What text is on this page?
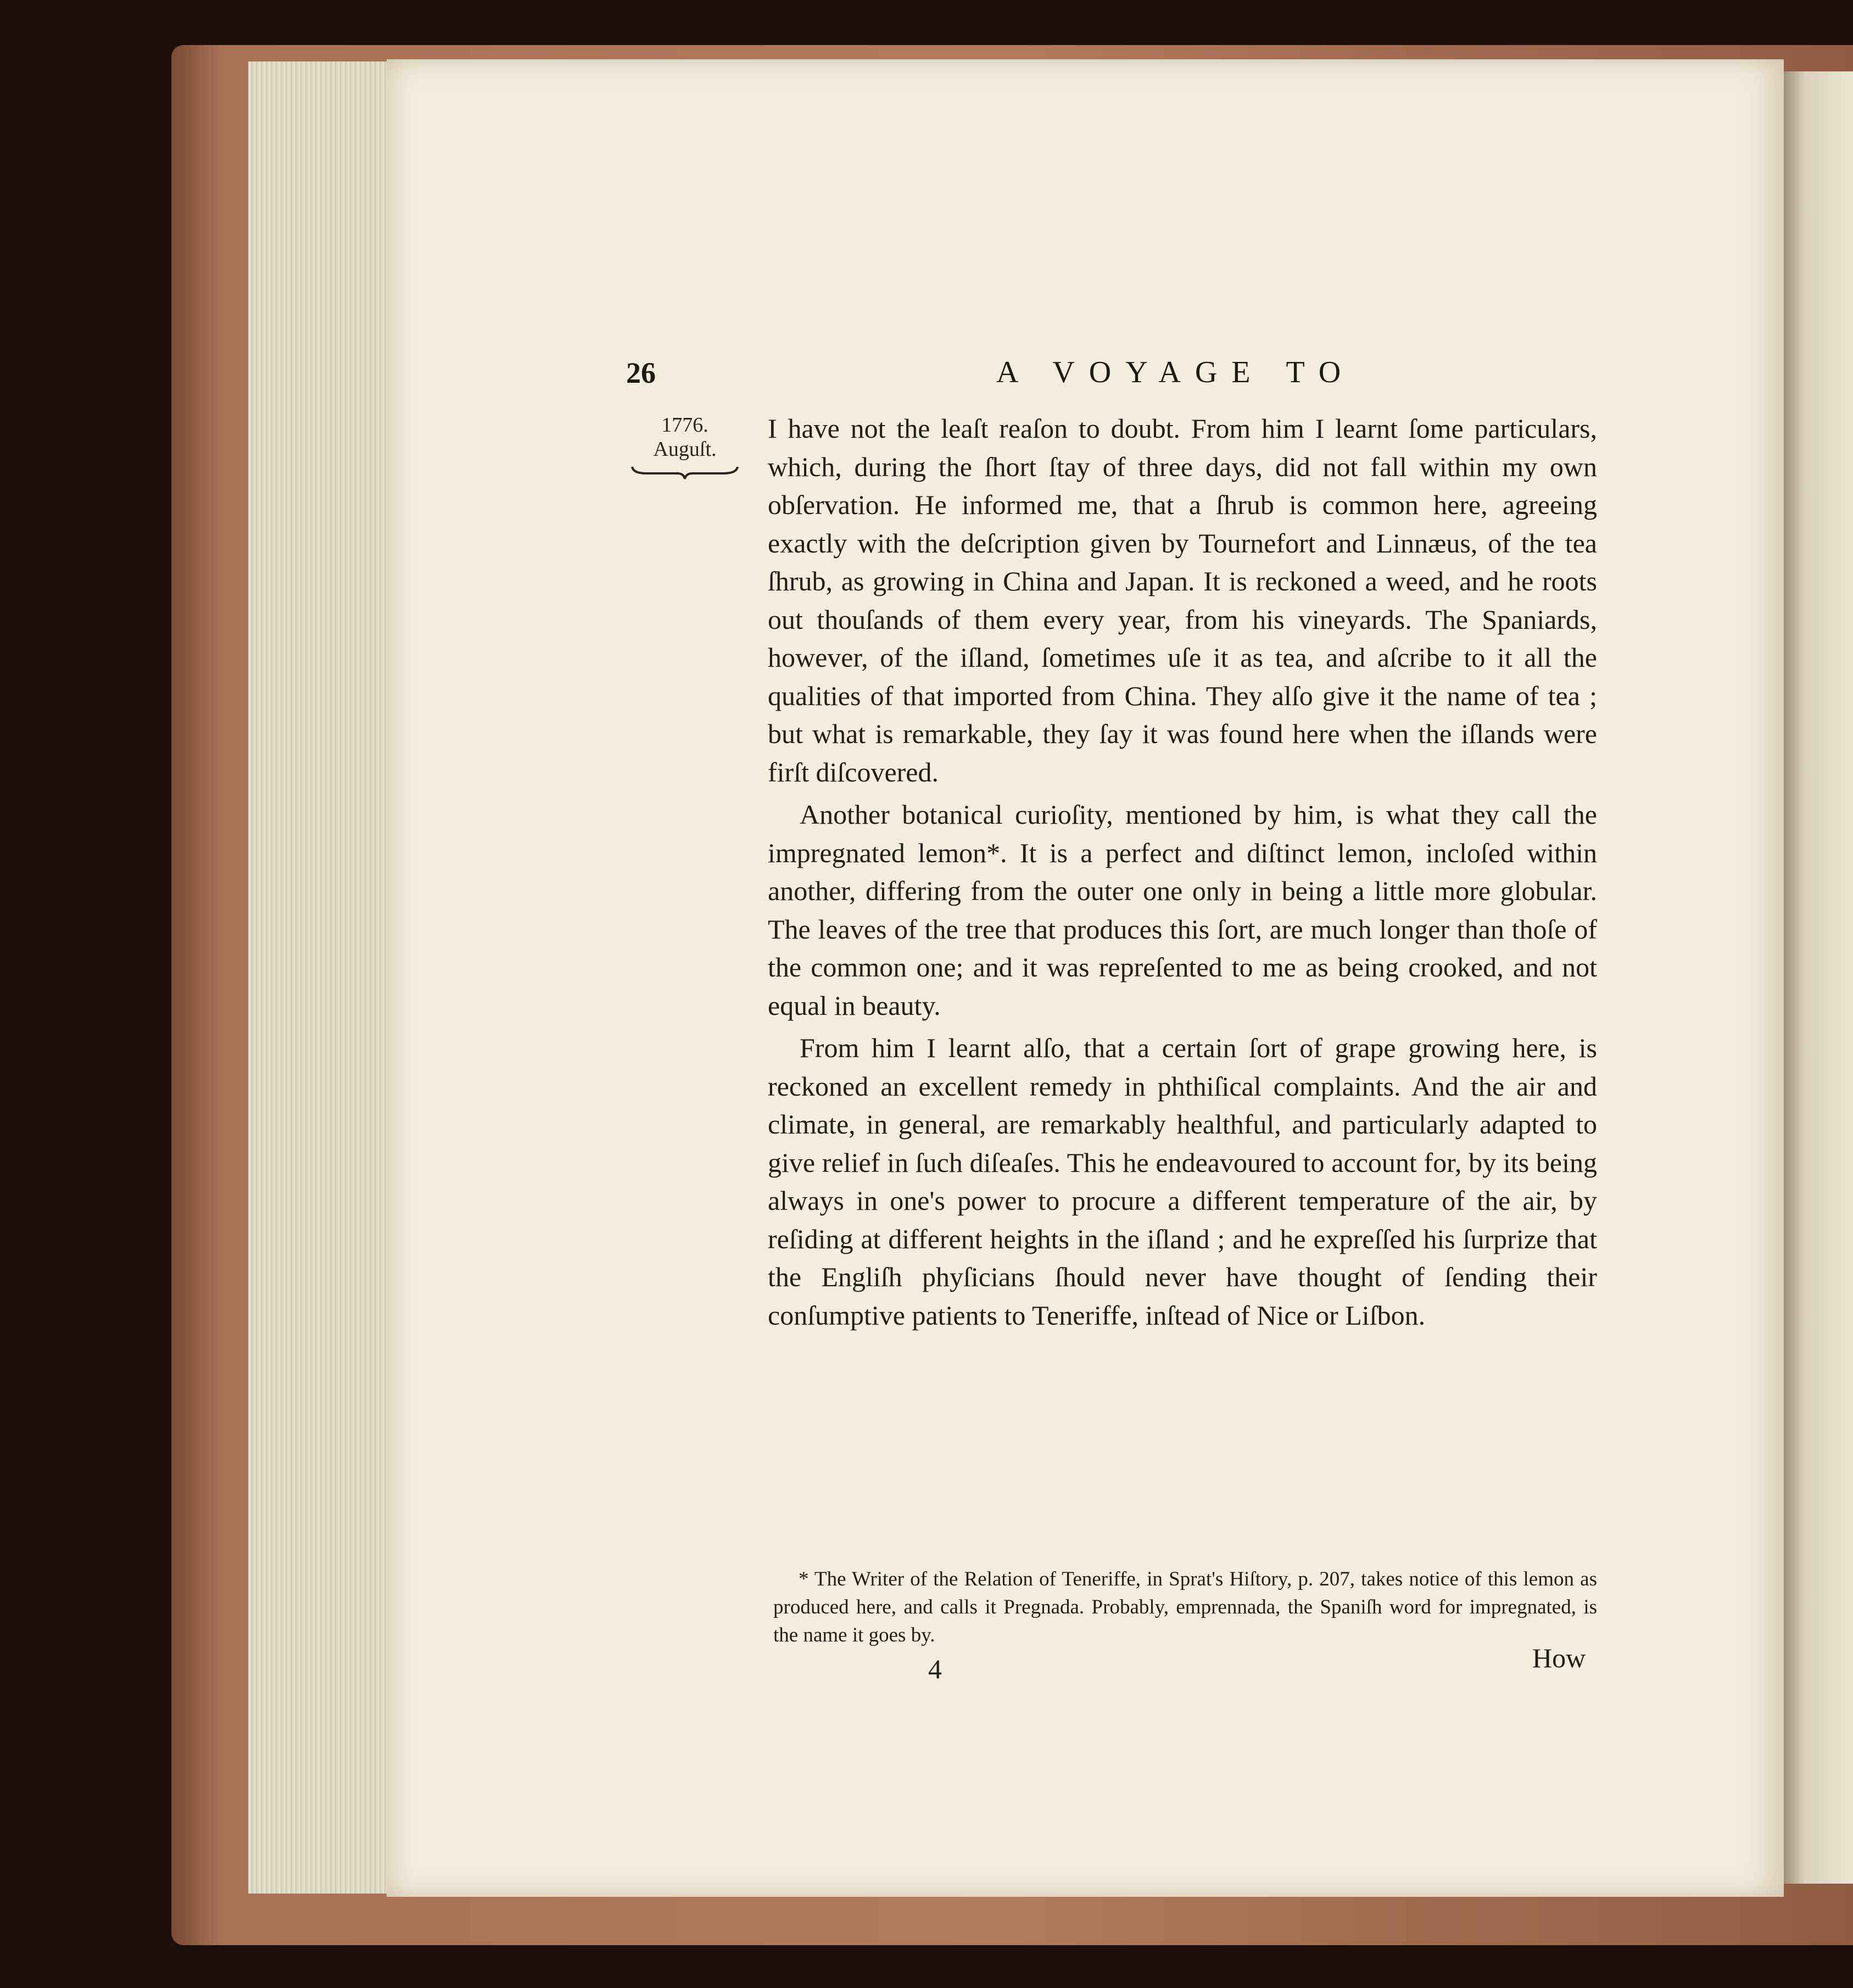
26	A VOYAGE TO
1776.
Auguſt.

I have not the leaſt reaſon to doubt. From him I learnt ſome particulars, which, during the ſhort ſtay of three days, did not fall within my own obſervation. He informed me, that a ſhrub is common here, agreeing exactly with the deſcription given by Tournefort and Linnæus, of the tea ſhrub, as growing in China and Japan. It is reckoned a weed, and he roots out thouſands of them every year, from his vineyards. The Spaniards, however, of the iſland, ſometimes uſe it as tea, and aſcribe to it all the qualities of that imported from China. They alſo give it the name of tea ; but what is remarkable, they ſay it was found here when the iſlands were firſt diſcovered.

Another botanical curioſity, mentioned by him, is what they call the impregnated lemon*. It is a perfect and diſtinct lemon, incloſed within another, differing from the outer one only in being a little more globular. The leaves of the tree that produces this ſort, are much longer than thoſe of the common one; and it was repreſented to me as being crooked, and not equal in beauty.

From him I learnt alſo, that a certain ſort of grape growing here, is reckoned an excellent remedy in phthiſical complaints. And the air and climate, in general, are remarkably healthful, and particularly adapted to give relief in ſuch diſeaſes. This he endeavoured to account for, by its being always in one's power to procure a different temperature of the air, by reſiding at different heights in the iſland ; and he expreſſed his ſurprize that the Engliſh phyſicians ſhould never have thought of ſending their conſumptive patients to Teneriffe, inſtead of Nice or Liſbon.

* The Writer of the Relation of Teneriffe, in Sprat's Hiſtory, p. 207, takes notice of this lemon as produced here, and calls it Pregnada. Probably, emprennada, the Spaniſh word for impregnated, is the name it goes by.
4	How
